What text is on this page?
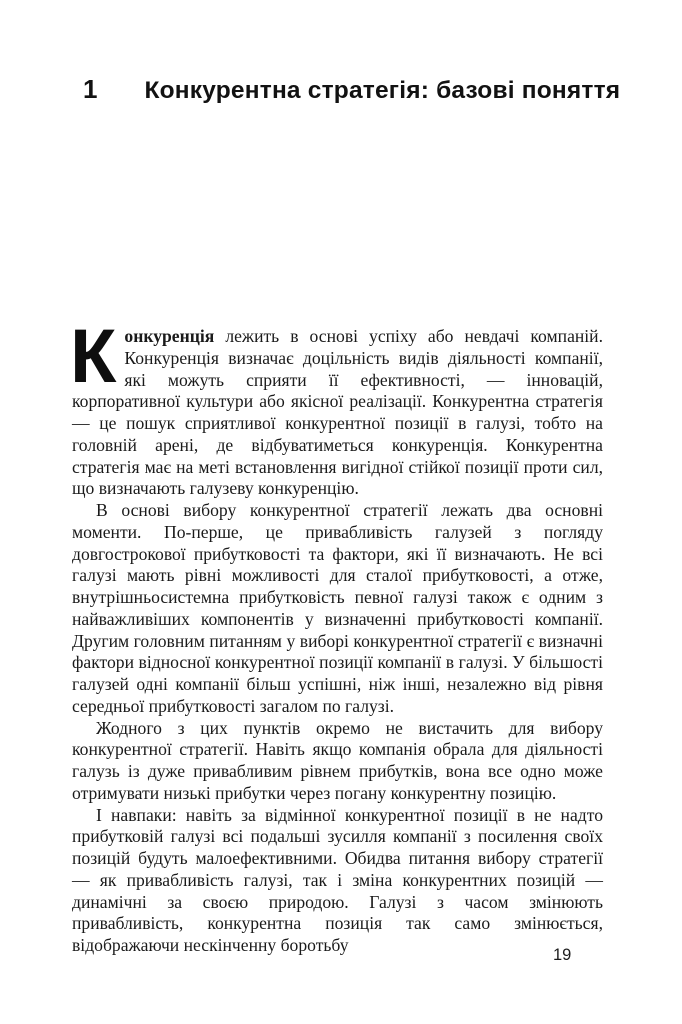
1 Конкурентна стратегія: базові поняття

Конкуренція лежить в основі успіху або невдачі компаній. Конкуренція визначає доцільність видів діяльності компанії, які можуть сприяти її ефективності, — інновацій, корпоративної культури або якісної реалізації. Конкурентна стратегія — це пошук сприятливої конкурентної позиції в галузі, тобто на головній арені, де відбуватиметься конкуренція. Конкурентна стратегія має на меті встановлення вигідної стійкої позиції проти сил, що визначають галузеву конкуренцію.

В основі вибору конкурентної стратегії лежать два основні моменти. По-перше, це привабливість галузей з погляду довгострокової прибутковості та фактори, які її визначають. Не всі галузі мають рівні можливості для сталої прибутковості, а отже, внутрішньосистемна прибутковість певної галузі також є одним з найважливіших компонентів у визначенні прибутковості компанії. Другим головним питанням у виборі конкурентної стратегії є визначні фактори відносної конкурентної позиції компанії в галузі. У більшості галузей одні компанії більш успішні, ніж інші, незалежно від рівня середньої прибутковості загалом по галузі.

Жодного з цих пунктів окремо не вистачить для вибору конкурентної стратегії. Навіть якщо компанія обрала для діяльності галузь із дуже привабливим рівнем прибутків, вона все одно може отримувати низькі прибутки через погану конкурентну позицію.

І навпаки: навіть за відмінної конкурентної позиції в не надто прибутковій галузі всі подальші зусилля компанії з посилення своїх позицій будуть малоефективними. Обидва питання вибору стратегії — як привабливість галузі, так і зміна конкурентних позицій — динамічні за своєю природою. Галузі з часом змінюють привабливість, конкурентна позиція так само змінюється, відображаючи нескінченну боротьбу	19
